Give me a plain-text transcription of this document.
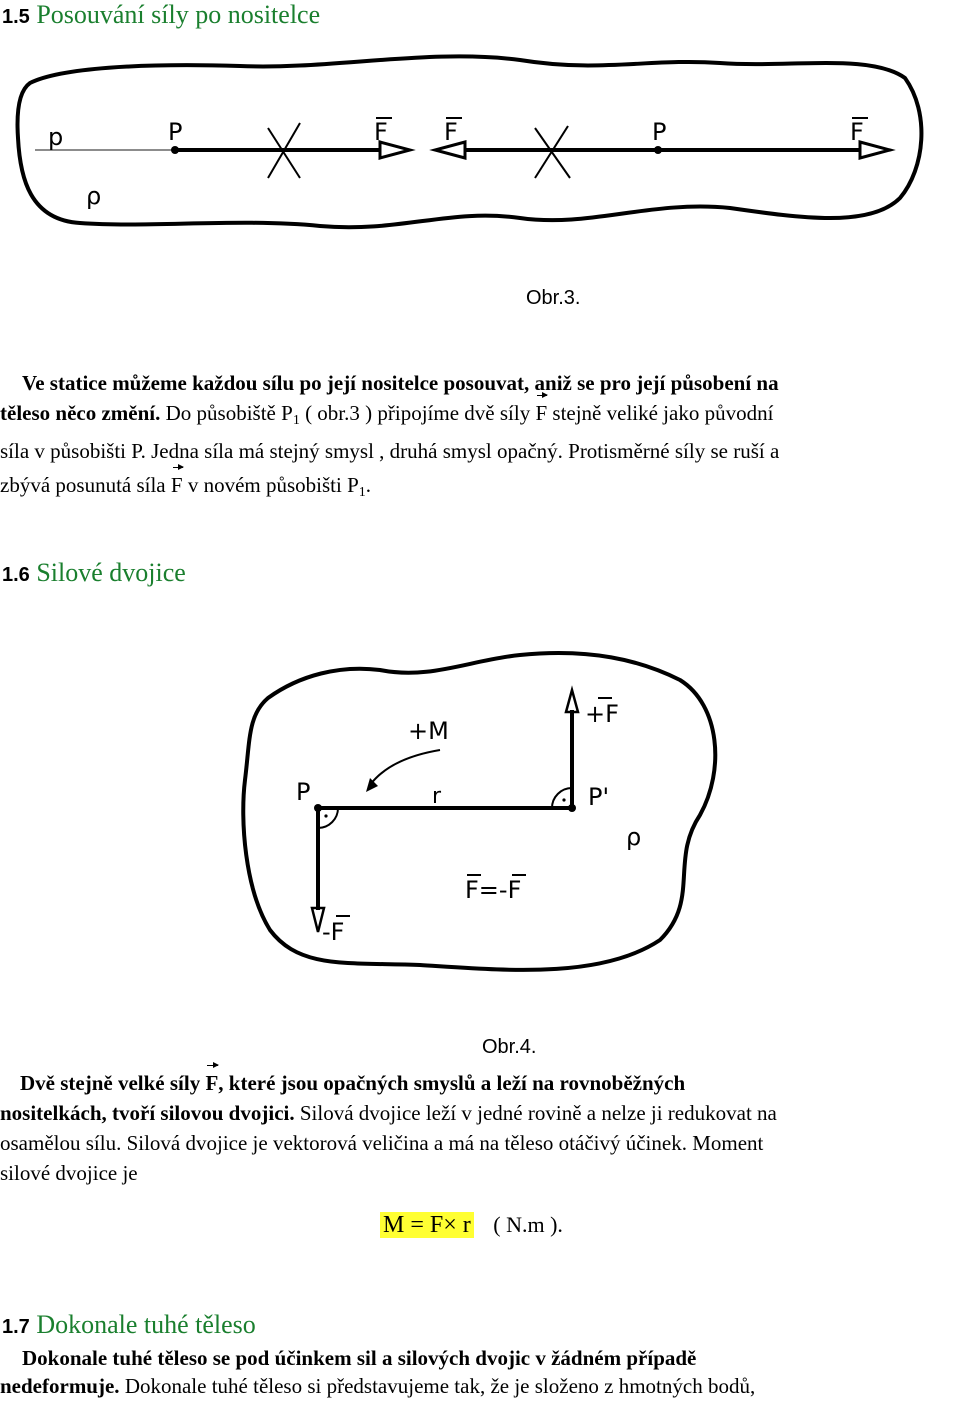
1.5 Posouvání síly po nositelce
p	P	F F	P	F
ρ
Obr.3.
Ve statice můžeme každou sílu po její nositelce posouvat, aniž se pro její působení na
těleso něco změní. Do působiště $P_1$ ( obr.3 ) připojíme dvě síly F stejně veliké jako původní
síla v působišti P. Jedna síla má stejný smysl , druhá smysl opačný. Protisměrné síly se ruší a
zbývá posunutá síla F v novém působišti $P_1$.
1.6 Silové dvojice
+M
+F
P	r	P'
ρ
F=-F
-F
Obr.4.
Dvě stejně velké síly F, které jsou opačných smyslů a leží na rovnoběžných
nositelkách, tvoří silovou dvojici. Silová dvojice leží v jedné rovině a nelze ji redukovat na
osamělou sílu. Silová dvojice je vektorová veličina a má na těleso otáčivý účinek. Moment
silové dvojice je
M = F× r ( N.m ).
1.7 Dokonale tuhé těleso
Dokonale tuhé těleso se pod účinkem sil a silových dvojic v žádném případě
nedeformuje. Dokonale tuhé těleso si představujeme tak, že je složeno z hmotných bodů,
